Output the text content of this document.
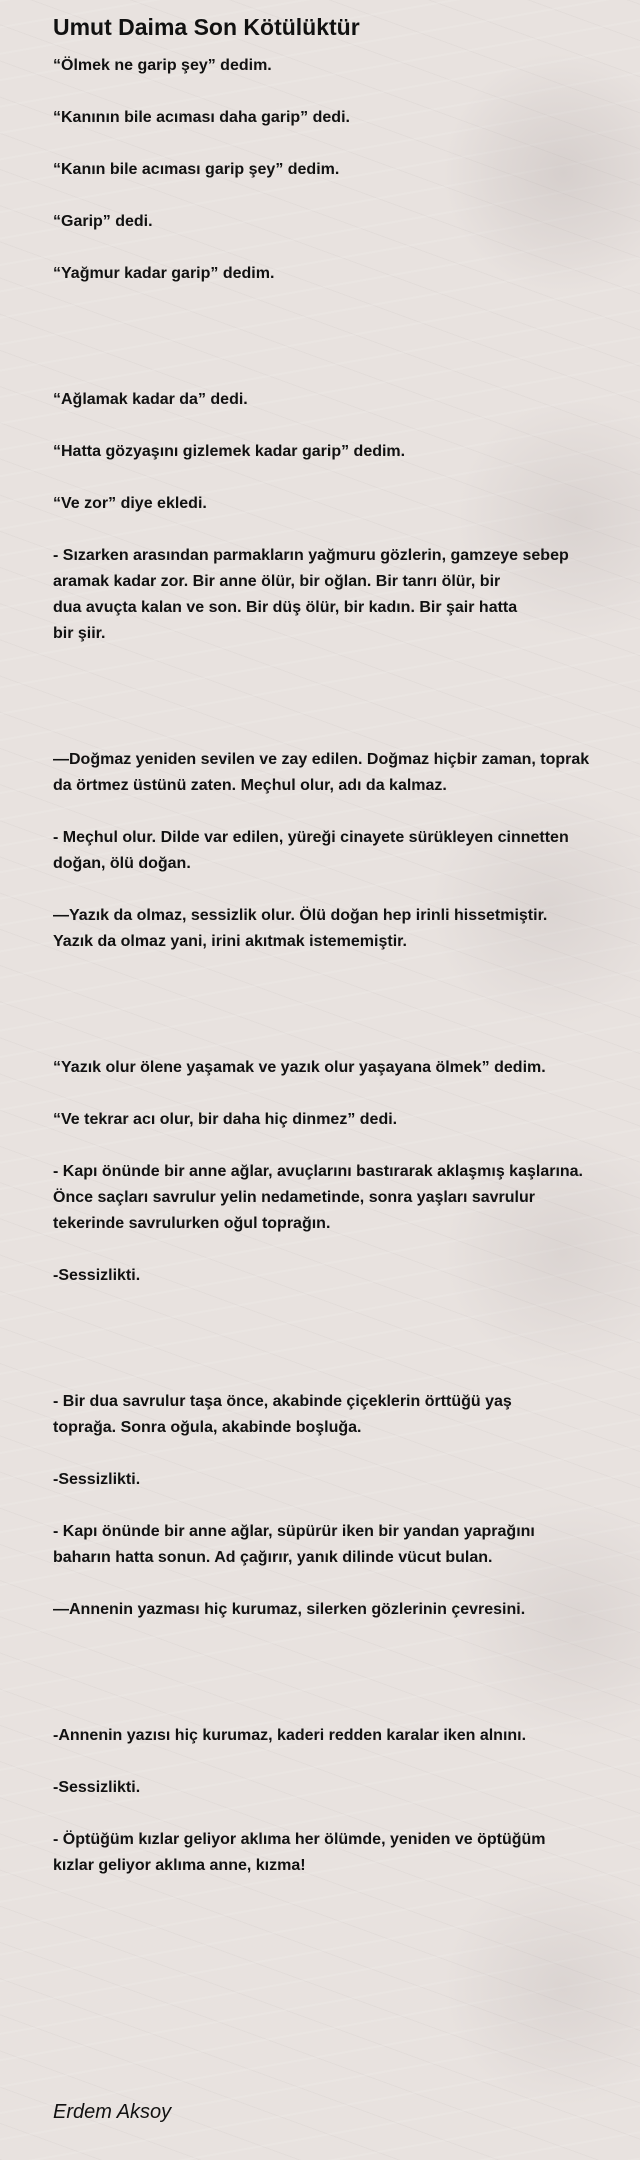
Umut Daima Son Kötülüktür

“Ölmek ne garip şey” dedim.

“Kanının bile acıması daha garip” dedi.

“Kanın bile acıması garip şey” dedim.

“Garip” dedi.

“Yağmur kadar garip” dedim.

“Ağlamak kadar da” dedi.

“Hatta gözyaşını gizlemek kadar garip” dedim.

“Ve zor” diye ekledi.

- Sızarken arasından parmakların yağmuru gözlerin, gamzeye sebep
aramak kadar zor. Bir anne ölür, bir oğlan. Bir tanrı ölür, bir
dua avuçta kalan ve son. Bir düş ölür, bir kadın. Bir şair hatta
bir şiir.

—Doğmaz yeniden sevilen ve zay edilen. Doğmaz hiçbir zaman, toprak
da örtmez üstünü zaten. Meçhul olur, adı da kalmaz.

- Meçhul olur. Dilde var edilen, yüreği cinayete sürükleyen cinnetten
doğan, ölü doğan.

—Yazık da olmaz, sessizlik olur. Ölü doğan hep irinli hissetmiştir.
Yazık da olmaz yani, irini akıtmak istememiştir.

“Yazık olur ölene yaşamak ve yazık olur yaşayana ölmek” dedim.

“Ve tekrar acı olur, bir daha hiç dinmez” dedi.

- Kapı önünde bir anne ağlar, avuçlarını bastırarak aklaşmış kaşlarına.
Önce saçları savrulur yelin nedametinde, sonra yaşları savrulur
tekerinde savrulurken oğul toprağın.

-Sessizlikti.

- Bir dua savrulur taşa önce, akabinde çiçeklerin örttüğü yaş
toprağa. Sonra oğula, akabinde boşluğa.

-Sessizlikti.

- Kapı önünde bir anne ağlar, süpürür iken bir yandan yaprağını
baharın hatta sonun. Ad çağırır, yanık dilinde vücut bulan.

—Annenin yazması hiç kurumaz, silerken gözlerinin çevresini.

-Annenin yazısı hiç kurumaz, kaderi redden karalar iken alnını.

-Sessizlikti.

- Öptüğüm kızlar geliyor aklıma her ölümde, yeniden ve öptüğüm
kızlar geliyor aklıma anne, kızma!

Erdem Aksoy
